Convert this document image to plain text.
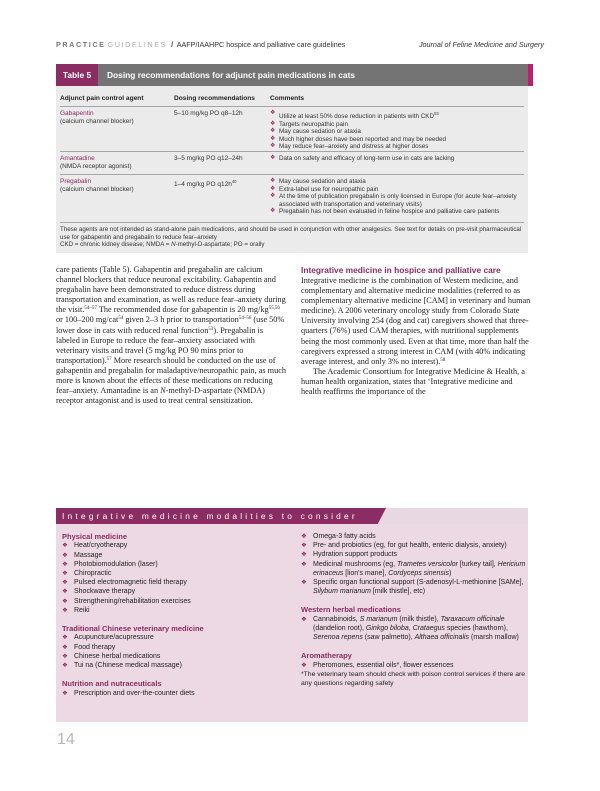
PRACTICE GUIDELINES / AAFP/IAAHPC hospice and palliative care guidelines	Journal of Feline Medicine and Surgery
Table 5	Dosing recommendations for adjunct pain medications in cats
Adjunct pain control agent	Dosing recommendations Comments
Gabapentin
(calcium channel blocker)
5–10 mg/kg PO q8–12h	❖ Utilize at least 50% dose reduction in patients with CKD$^{53}$
❖ Targets neuropathic pain
❖ May cause sedation or ataxia
❖ Much higher doses have been reported and may be needed
❖ May reduce fear–anxiety and distress at higher doses
Amantadine
(NMDA receptor agonist)
3–5 mg/kg PO q12–24h	❖ Data on safety and efficacy of long-term use in cats are lacking
Pregabalin
(calcium channel blocker)
1–4 mg/kg PO $q12h^{40}$	❖ May cause sedation and ataxia
❖ Extra-label use for neuropathic pain
❖ At the time of publication pregabalin is only licensed in Europe (for acute fear–anxiety associated with transportation and veterinary visits)
❖ Pregabalin has not been evaluated in feline hospice and palliative care patients
These agents are not intended as stand-alone pain medications, and should be used in conjunction with other analgesics. See text for details on pre-visit pharmaceutical use for gabapentin and pregabalin to reduce fear–anxiety
CKD = chronic kidney disease; NMDA = N-methyl-D-aspartate; PO = orally

care patients (Table 5). Gabapentin and pregabalin are calcium channel blockers that reduce neuronal excitability. Gabapentin and pregabalin have been demonstrated to reduce distress during transportation and examination, as well as reduce fear–anxiety during the visit.$^{54-57}$ The recommended dose for gabapentin is 20 mg/kg$^{55,56}$ or 100–200 mg/cat$^{54}$ given 2–3 h prior to transportation$^{54-56}$ (use 50% lower dose in cats with reduced renal function$^{53}$). Pregabalin is labeled in Europe to reduce the fear–anxiety associated with veterinary visits and travel (5 mg/kg PO 90 mins prior to transportation).$^{57}$ More research should be conducted on the use of gabapentin and pregabalin for maladaptive/neuropathic pain, as much more is known about the effects of these medications on reducing fear–anxiety. Amantadine is an N-methyl-D-aspartate (NMDA) receptor antagonist and is used to treat central sensitization.

Integrative medicine in hospice and palliative care

Integrative medicine is the combination of Western medicine, and complementary and alternative medicine modalities (referred to as complementary alternative medicine [CAM] in veterinary and human medicine). A 2006 veterinary oncology study from Colorado State University involving 254 (dog and cat) caregivers showed that three-quarters (76%) used CAM therapies, with nutritional supplements being the most commonly used. Even at that time, more than half the caregivers expressed a strong interest in CAM (with 40% indicating average interest, and only 3% no interest).$^{58}$

The Academic Consortium for Integrative Medicine & Health, a human health organization, states that ‘Integrative medicine and health reaffirms the importance of the

Integrative medicine modalities to consider
Physical medicine
❖ Heat/cryotherapy
❖ Massage
❖ Photobiomodulation (laser)
❖ Chiropractic
❖ Pulsed electromagnetic field therapy
❖ Shockwave therapy
❖ Strengthening/rehabilitation exercises
❖ Reiki
Traditional Chinese veterinary medicine
❖ Acupuncture/acupressure
❖ Food therapy
❖ Chinese herbal medications
❖ Tui na (Chinese medical massage)
Nutrition and nutraceuticals
❖ Prescription and over-the-counter diets
❖ Omega-3 fatty acids
❖ Pre- and probiotics (eg, for gut health, enteric dialysis, anxiety)
❖ Hydration support products
❖ Medicinal mushrooms (eg, Trametes versicolor [turkey tail], Hericium erinaceus [lion's mane], Cordyceps sinensis)
❖ Specific organ functional support (S-adenosyl-L-methionine [SAMe], Silybum marianum [milk thistle], etc)
Western herbal medications
❖ Cannabinoids, S marianum (milk thistle), Taraxacum officinale (dandelion root), Ginkgo biloba, Crataegus species (hawthorn), Serenoa repens (saw palmetto), Althaea officinalis (marsh mallow)
Aromatherapy
❖ Pheromones, essential oils*, flower essences
*The veterinary team should check with poison control services if there are any questions regarding safety
14
